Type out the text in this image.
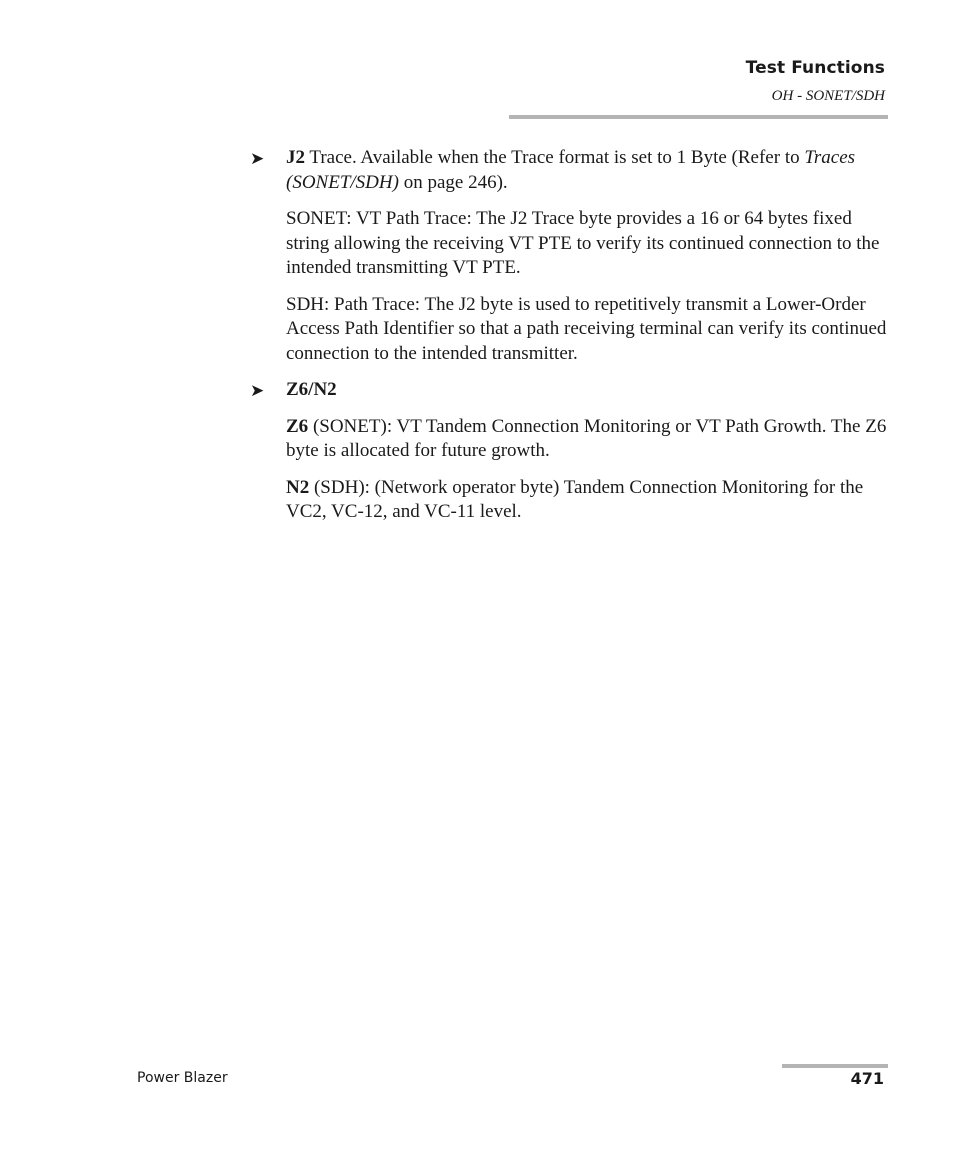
Test Functions
OH - SONET/SDH
➤	J2 Trace. Available when the Trace format is set to 1 Byte (Refer to Traces (SONET/SDH) on page 246).

SONET: VT Path Trace: The J2 Trace byte provides a 16 or 64 bytes fixed string allowing the receiving VT PTE to verify its continued connection to the intended transmitting VT PTE.

SDH: Path Trace: The J2 byte is used to repetitively transmit a Lower-Order Access Path Identifier so that a path receiving terminal can verify its continued connection to the intended transmitter.

➤	Z6/N2

Z6 (SONET): VT Tandem Connection Monitoring or VT Path Growth. The Z6 byte is allocated for future growth.

N2 (SDH): (Network operator byte) Tandem Connection Monitoring for the VC2, VC-12, and VC-11 level.

Power Blazer	471
